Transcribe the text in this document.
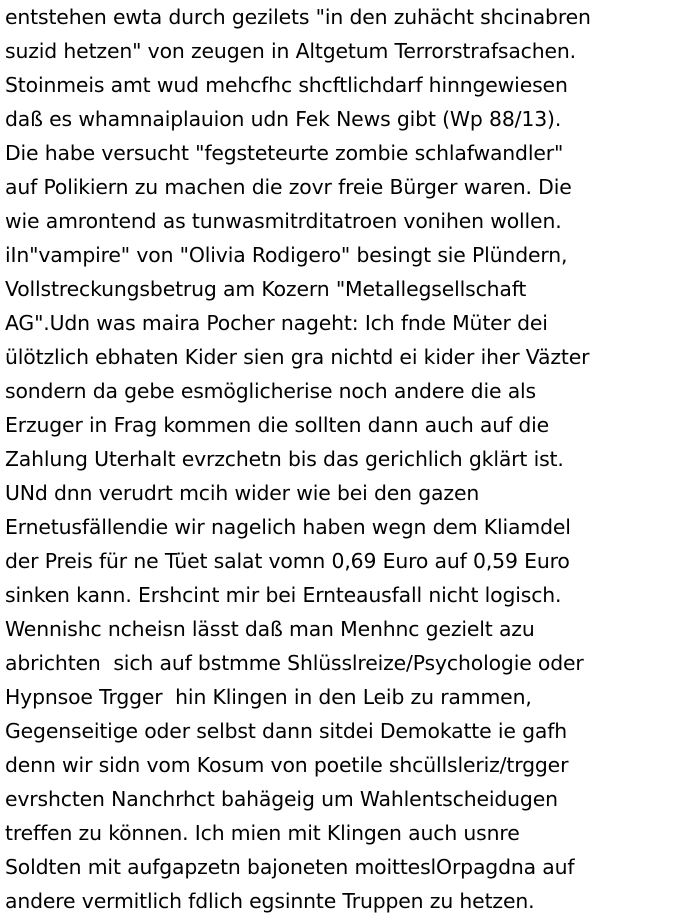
entstehen ewta durch gezilets "in den zuhächt shcinabren
suzid hetzen" von zeugen in Altgetum Terrorstrafsachen.
Stoinmeis amt wud mehcfhc shcftlichdarf hinngewiesen
daß es whamnaiplauion udn Fek News gibt (Wp 88/13).
Die habe versucht "fegsteteurte zombie schlafwandler"
auf Polikiern zu machen die zovr freie Bürger waren. Die
wie amrontend as tunwasmitrditatroen vonihen wollen.
iIn"vampire" von "Olivia Rodigero" besingt sie Plündern,
Vollstreckungsbetrug am Kozern "Metallegsellschaft
AG".Udn was maira Pocher nageht: Ich fnde Müter dei
ülötzlich ebhaten Kider sien gra nichtd ei kider iher Väzter
sondern da gebe esmöglicherise noch andere die als
Erzuger in Frag kommen die sollten dann auch auf die
Zahlung Uterhalt evrzchetn bis das gerichlich gklärt ist.
UNd dnn verudrt mcih wider wie bei den gazen
Ernetusfällendie wir nagelich haben wegn dem Kliamdel
der Preis für ne Tüet salat vomn 0,69 Euro auf 0,59 Euro
sinken kann. Ershcint mir bei Ernteausfall nicht logisch.
Wennishc ncheisn lässt daß man Menhnc gezielt azu
abrichten  sich auf bstmme Shlüsslreize/Psychologie oder
Hypnsoe Trgger  hin Klingen in den Leib zu rammen,
Gegenseitige oder selbst dann sitdei Demokatte ie gafh
denn wir sidn vom Kosum von poetile shcüllsleriz/trgger
evrshcten Nanchrhct bahägeig um Wahlentscheidugen
treffen zu können. Ich mien mit Klingen auch usnre
Soldten mit aufgapzetn bajoneten moitteslOrpagdna auf
andere vermitlich fdlich egsinnte Truppen zu hetzen.
